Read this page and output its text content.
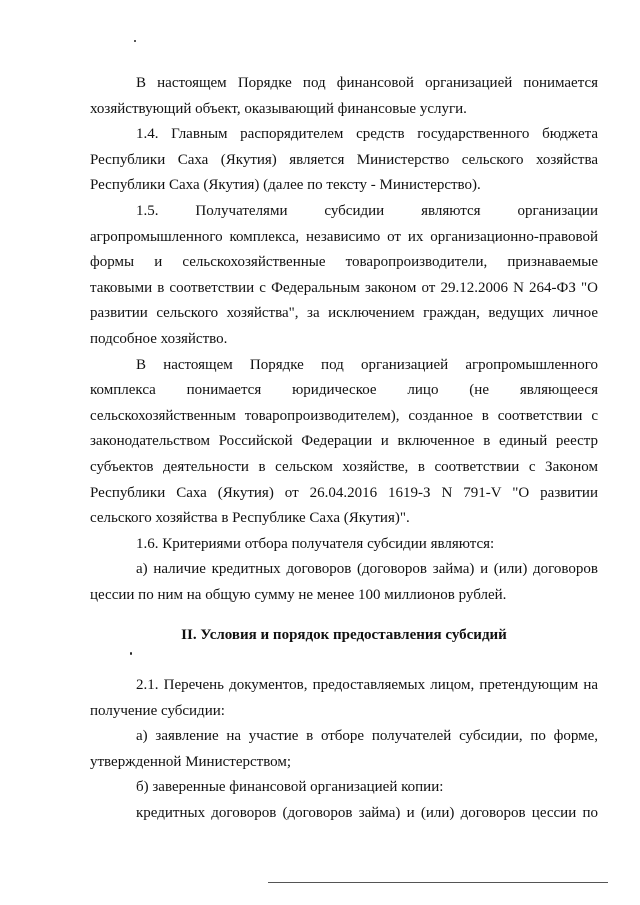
В настоящем Порядке под финансовой организацией понимается хозяйствующий объект, оказывающий финансовые услуги.

1.4. Главным распорядителем средств государственного бюджета Республики Саха (Якутия) является Министерство сельского хозяйства Республики Саха (Якутия) (далее по тексту - Министерство).

1.5. Получателями субсидии являются организации агропромышленного комплекса, независимо от их организационно-правовой формы и сельскохозяйственные товаропроизводители, признаваемые таковыми в соответствии с Федеральным законом от 29.12.2006 N 264-ФЗ "О развитии сельского хозяйства", за исключением граждан, ведущих личное подсобное хозяйство.

В настоящем Порядке под организацией агропромышленного комплекса понимается юридическое лицо (не являющееся сельскохозяйственным товаропроизводителем), созданное в соответствии с законодательством Российской Федерации и включенное в единый реестр субъектов деятельности в сельском хозяйстве, в соответствии с Законом Республики Саха (Якутия) от 26.04.2016 1619-З N 791-V "О развитии сельского хозяйства в Республике Саха (Якутия)".

1.6. Критериями отбора получателя субсидии являются:

а) наличие кредитных договоров (договоров займа) и (или) договоров цессии по ним на общую сумму не менее 100 миллионов рублей.

II. Условия и порядок предоставления субсидий

2.1. Перечень документов, предоставляемых лицом, претендующим на получение субсидии:

а) заявление на участие в отборе получателей субсидии, по форме, утвержденной Министерством;

б) заверенные финансовой организацией копии:

кредитных договоров (договоров займа) и (или) договоров цессии по
